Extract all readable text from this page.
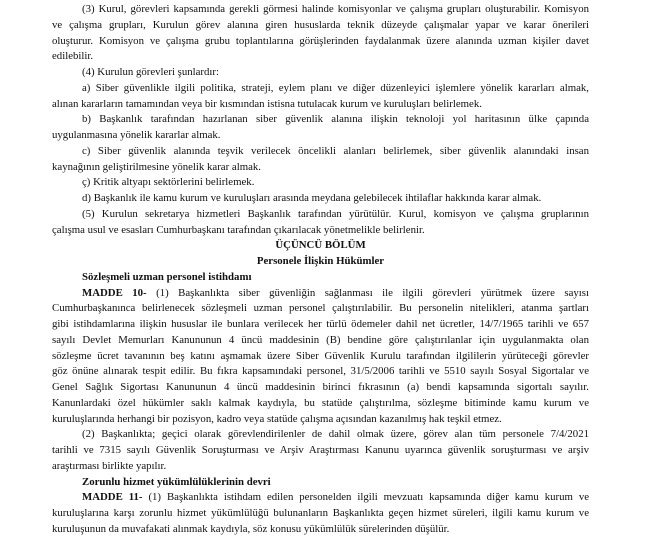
(3) Kurul, görevleri kapsamında gerekli görmesi halinde komisyonlar ve çalışma grupları oluşturabilir. Komisyon
ve çalışma grupları, Kurulun görev alanına giren hususlarda teknik düzeyde çalışmalar yapar ve karar önerileri
oluşturur. Komisyon ve çalışma grubu toplantılarına görüşlerinden faydalanmak üzere alanında uzman kişiler davet
edilebilir.
(4) Kurulun görevleri şunlardır:
a) Siber güvenlikle ilgili politika, strateji, eylem planı ve diğer düzenleyici işlemlere yönelik kararları almak,
alınan kararların tamamından veya bir kısmından istisna tutulacak kurum ve kuruluşları belirlemek.
b) Başkanlık tarafından hazırlanan siber güvenlik alanına ilişkin teknoloji yol haritasının ülke çapında
uygulanmasına yönelik kararlar almak.
c) Siber güvenlik alanında teşvik verilecek öncelikli alanları belirlemek, siber güvenlik alanındaki insan
kaynağının geliştirilmesine yönelik karar almak.
ç) Kritik altyapı sektörlerini belirlemek.
d) Başkanlık ile kamu kurum ve kuruluşları arasında meydana gelebilecek ihtilaflar hakkında karar almak.
(5) Kurulun sekretarya hizmetleri Başkanlık tarafından yürütülür. Kurul, komisyon ve çalışma gruplarının
çalışma usul ve esasları Cumhurbaşkanı tarafından çıkarılacak yönetmelikle belirlenir.
ÜÇÜNCÜ BÖLÜM
Personele İlişkin Hükümler
Sözleşmeli uzman personel istihdamı
MADDE 10- (1) Başkanlıkta siber güvenliğin sağlanması ile ilgili görevleri yürütmek üzere sayısı
Cumhurbaşkanınca belirlenecek sözleşmeli uzman personel çalıştırılabilir. Bu personelin nitelikleri, atanma şartları
gibi istihdamlarına ilişkin hususlar ile bunlara verilecek her türlü ödemeler dahil net ücretler, 14/7/1965 tarihli ve 657
sayılı Devlet Memurları Kanununun 4 üncü maddesinin (B) bendine göre çalıştırılanlar için uygulanmakta olan
sözleşme ücret tavanının beş katını aşmamak üzere Siber Güvenlik Kurulu tarafından ilgililerin yürüteceği görevler
göz önüne alınarak tespit edilir. Bu fıkra kapsamındaki personel, 31/5/2006 tarihli ve 5510 sayılı Sosyal Sigortalar ve
Genel Sağlık Sigortası Kanununun 4 üncü maddesinin birinci fıkrasının (a) bendi kapsamında sigortalı sayılır.
Kanunlardaki özel hükümler saklı kalmak kaydıyla, bu statüde çalıştırılma, sözleşme bitiminde kamu kurum ve
kuruluşlarında herhangi bir pozisyon, kadro veya statüde çalışma açısından kazanılmış hak teşkil etmez.
(2) Başkanlıkta; geçici olarak görevlendirilenler de dahil olmak üzere, görev alan tüm personele 7/4/2021
tarihli ve 7315 sayılı Güvenlik Soruşturması ve Arşiv Araştırması Kanunu uyarınca güvenlik soruşturması ve arşiv
araştırması birlikte yapılır.
Zorunlu hizmet yükümlülüklerinin devri
MADDE 11- (1) Başkanlıkta istihdam edilen personelden ilgili mevzuatı kapsamında diğer kamu kurum ve
kuruluşlarına karşı zorunlu hizmet yükümlülüğü bulunanların Başkanlıkta geçen hizmet süreleri, ilgili kamu kurum ve
kuruluşunun da muvafakati alınmak kaydıyla, söz konusu yükümlülük sürelerinden düşülür.
